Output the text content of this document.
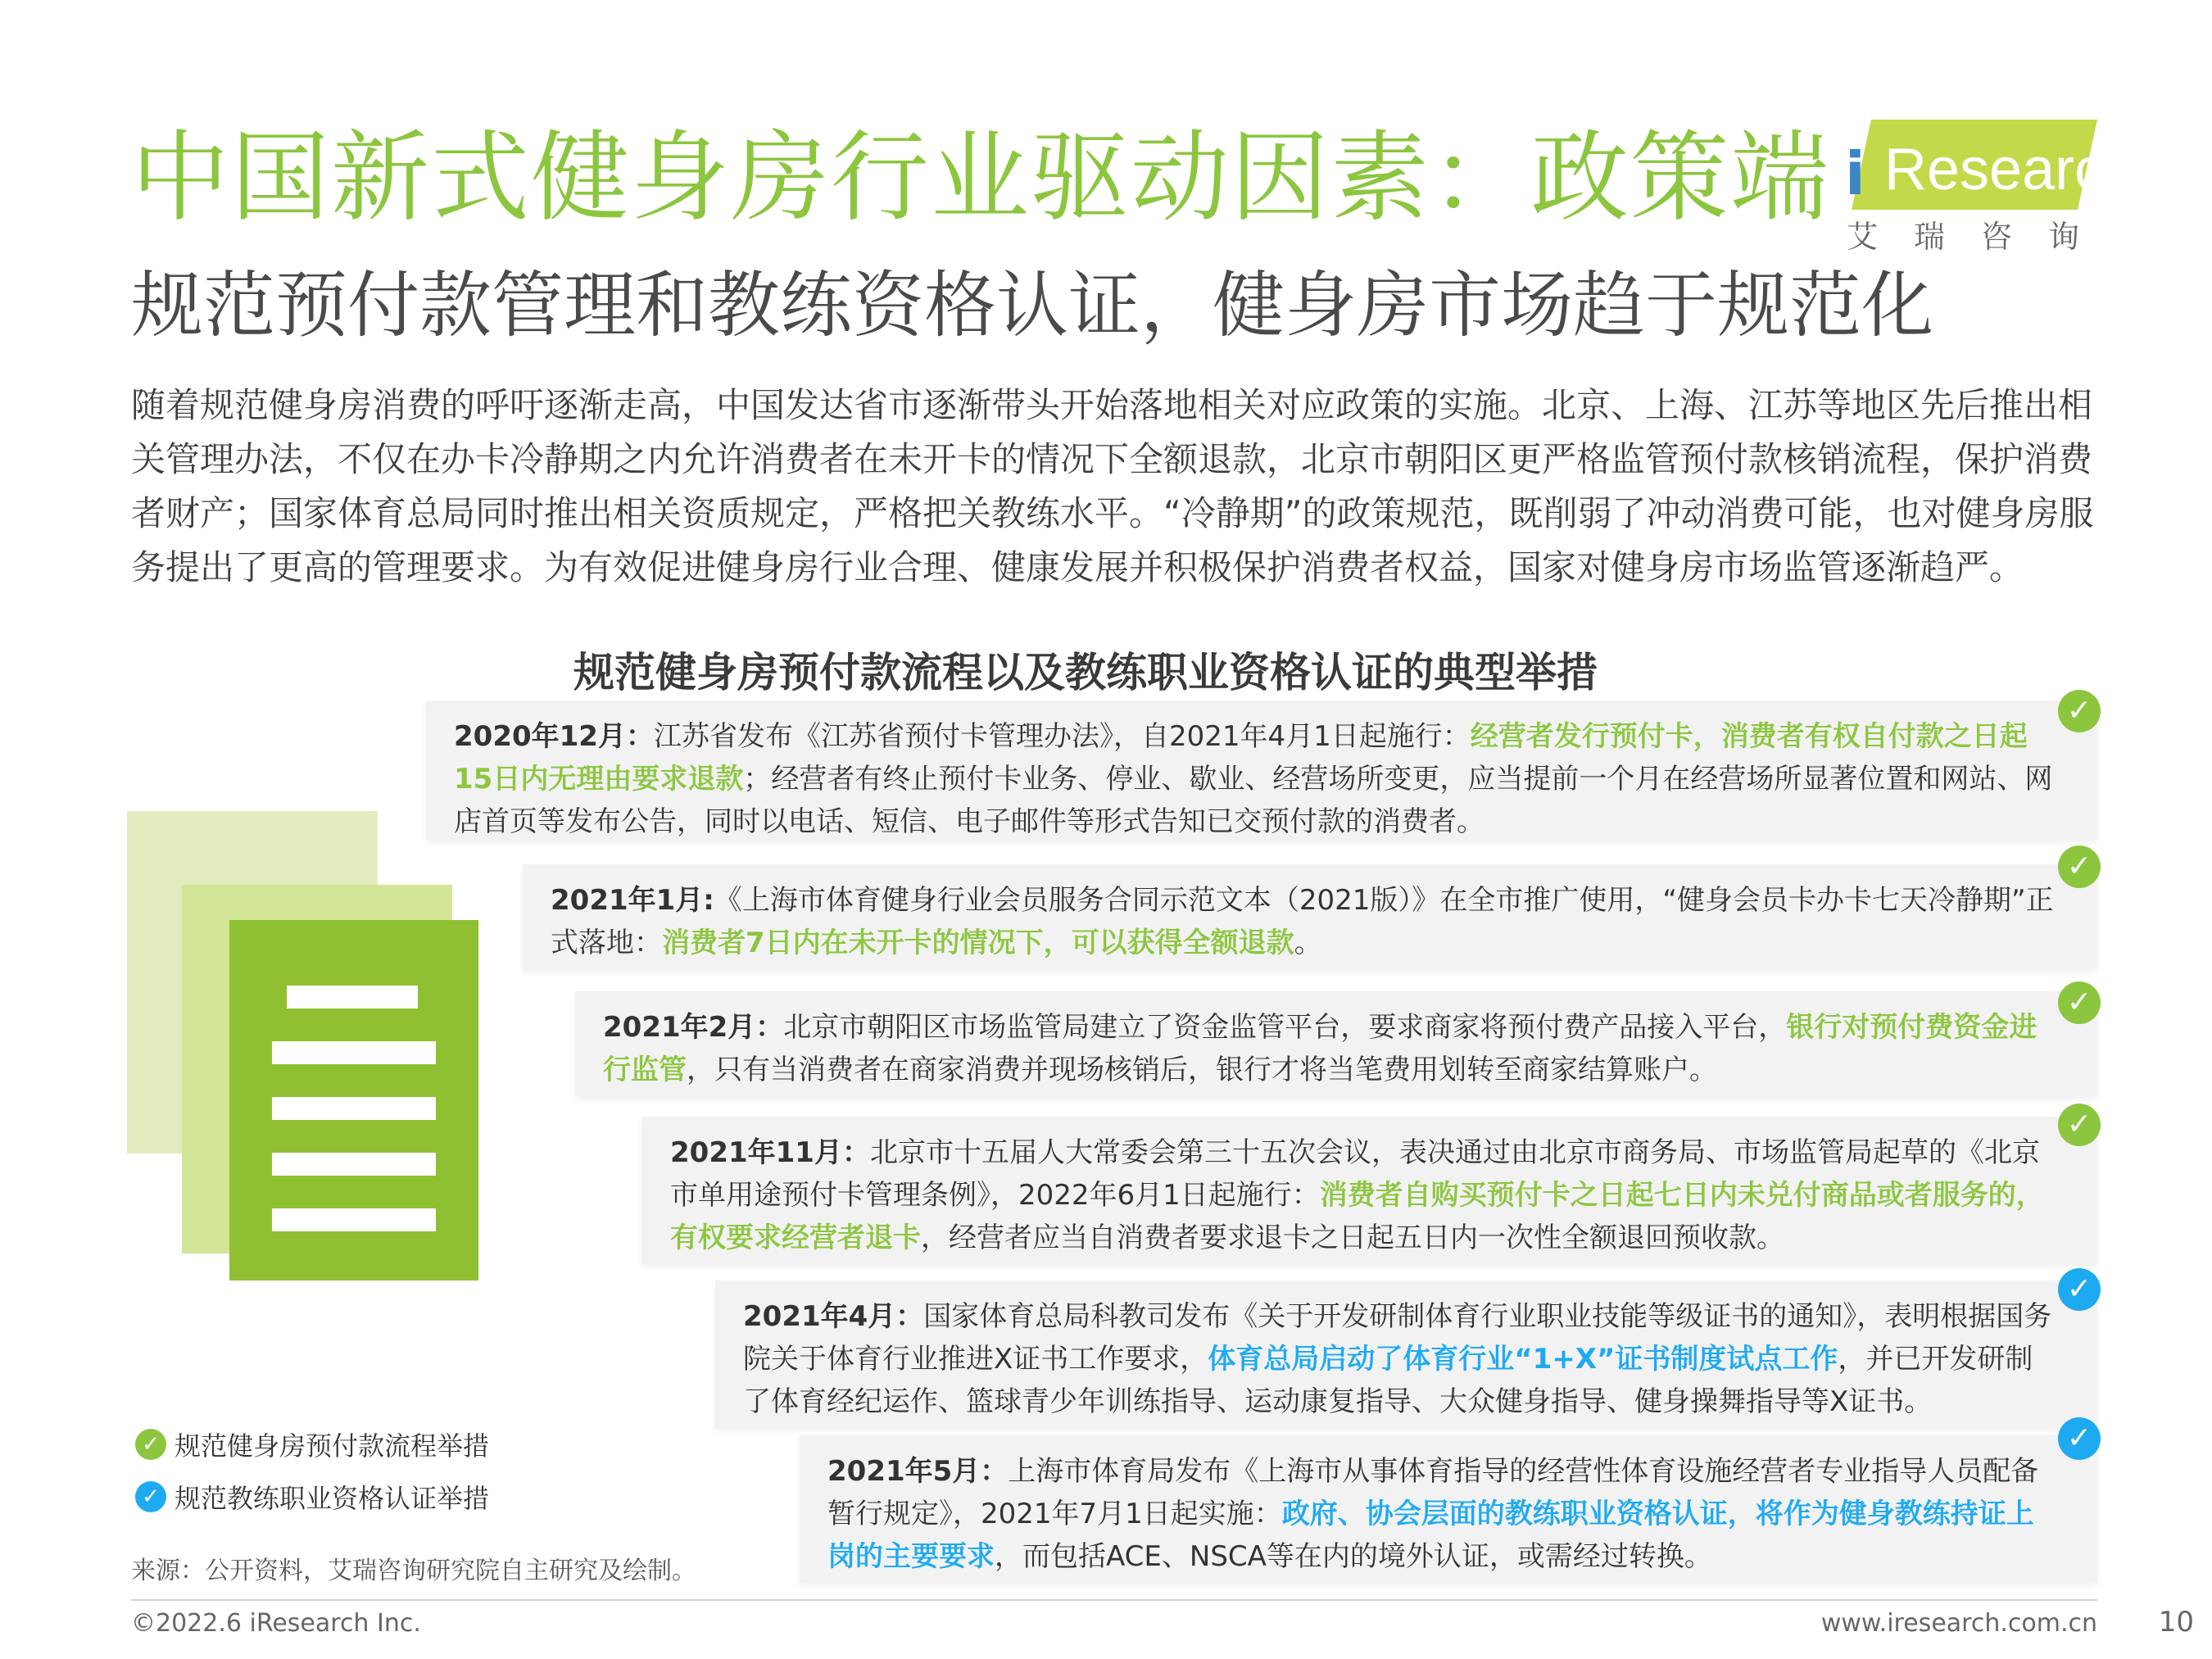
中国新式健身房行业驱动因素：政策端
规范预付款管理和教练资格认证，健身房市场趋于规范化
i Research
艾瑞咨询

随着规范健身房消费的呼吁逐渐走高，中国发达省市逐渐带头开始落地相关对应政策的实施。北京、上海、江苏等地区先后推出相关管理办法，不仅在办卡冷静期之内允许消费者在未开卡的情况下全额退款，北京市朝阳区更严格监管预付款核销流程，保护消费者财产；国家体育总局同时推出相关资质规定，严格把关教练水平。“冷静期”的政策规范，既削弱了冲动消费可能，也对健身房服务提出了更高的管理要求。为有效促进健身房行业合理、健康发展并积极保护消费者权益，国家对健身房市场监管逐渐趋严。

规范健身房预付款流程以及教练职业资格认证的典型举措
2020年12月：江苏省发布《江苏省预付卡管理办法》，自2021年4月1日起施行：经营者发行预付卡，消费者有权自付款之日起15日内无理由要求退款；经营者有终止预付卡业务、停业、歇业、经营场所变更，应当提前一个月在经营场所显著位置和网站、网店首页等发布公告，同时以电话、短信、电子邮件等形式告知已交预付款的消费者。
✓
2021年1月:《上海市体育健身行业会员服务合同示范文本（2021版）》在全市推广使用，“健身会员卡办卡七天冷静期”正式落地：消费者7日内在未开卡的情况下，可以获得全额退款。
✓
2021年2月：北京市朝阳区市场监管局建立了资金监管平台，要求商家将预付费产品接入平台，银行对预付费资金进行监管，只有当消费者在商家消费并现场核销后，银行才将当笔费用划转至商家结算账户。
✓
2021年11月：北京市十五届人大常委会第三十五次会议，表决通过由北京市商务局、市场监管局起草的《北京市单用途预付卡管理条例》，2022年6月1日起施行：消费者自购买预付卡之日起七日内未兑付商品或者服务的，有权要求经营者退卡，经营者应当自消费者要求退卡之日起五日内一次性全额退回预收款。
✓
2021年4月：国家体育总局科教司发布《关于开发研制体育行业职业技能等级证书的通知》，表明根据国务院关于体育行业推进X证书工作要求，体育总局启动了体育行业“1+X”证书制度试点工作，并已开发研制了体育经纪运作、篮球青少年训练指导、运动康复指导、大众健身指导、健身操舞指导等X证书。
✓
2021年5月：上海市体育局发布《上海市从事体育指导的经营性体育设施经营者专业指导人员配备暂行规定》，2021年7月1日起实施：政府、协会层面的教练职业资格认证，将作为健身教练持证上岗的主要要求，而包括ACE、NSCA等在内的境外认证，或需经过转换。
✓
✓ 规范健身房预付款流程举措
✓ 规范教练职业资格认证举措
来源：公开资料，艾瑞咨询研究院自主研究及绘制。
©2022.6 iResearch Inc.	www.iresearch.com.cn 10
